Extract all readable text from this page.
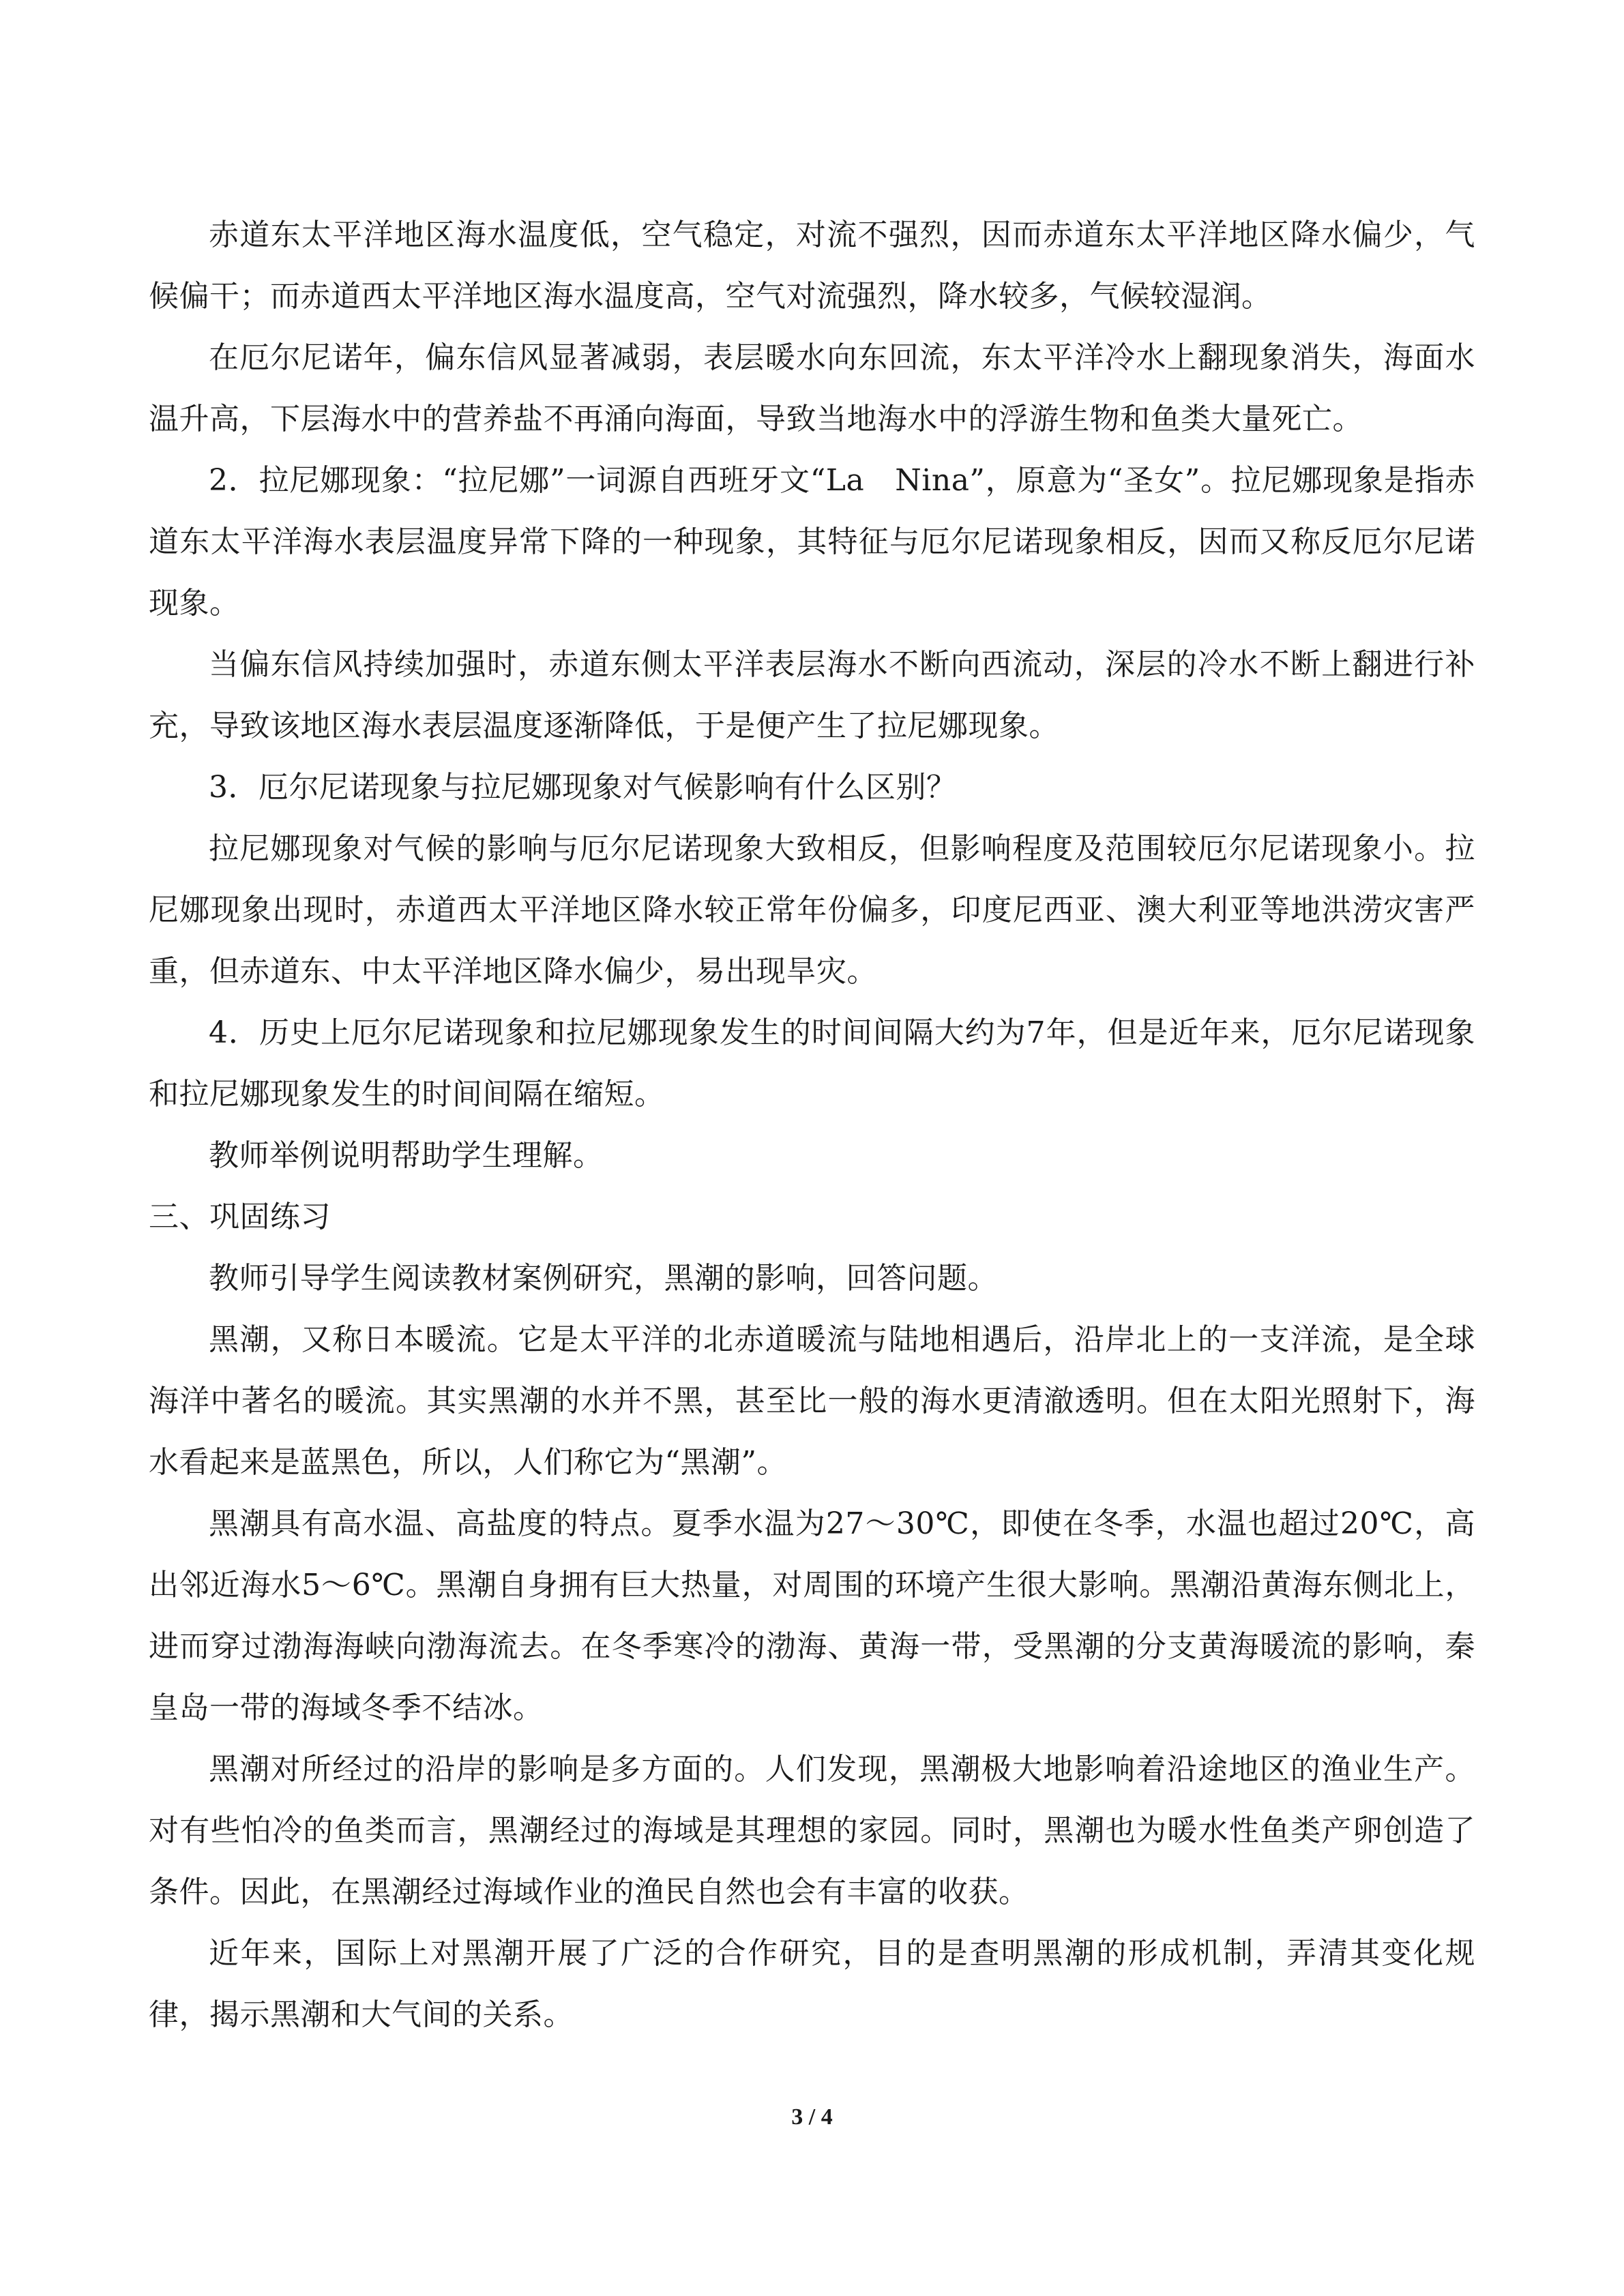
赤道东太平洋地区海水温度低，空气稳定，对流不强烈，因而赤道东太平洋地区降水偏少，气候偏干；而赤道西太平洋地区海水温度高，空气对流强烈，降水较多，气候较湿润。

在厄尔尼诺年，偏东信风显著减弱，表层暖水向东回流，东太平洋冷水上翻现象消失，海面水温升高，下层海水中的营养盐不再涌向海面，导致当地海水中的浮游生物和鱼类大量死亡。

2．拉尼娜现象：“拉尼娜”一词源自西班牙文“La　Nina”，原意为“圣女”。拉尼娜现象是指赤道东太平洋海水表层温度异常下降的一种现象，其特征与厄尔尼诺现象相反，因而又称反厄尔尼诺现象。

当偏东信风持续加强时，赤道东侧太平洋表层海水不断向西流动，深层的冷水不断上翻进行补充，导致该地区海水表层温度逐渐降低，于是便产生了拉尼娜现象。

3．厄尔尼诺现象与拉尼娜现象对气候影响有什么区别？

拉尼娜现象对气候的影响与厄尔尼诺现象大致相反，但影响程度及范围较厄尔尼诺现象小。拉尼娜现象出现时，赤道西太平洋地区降水较正常年份偏多，印度尼西亚、澳大利亚等地洪涝灾害严重，但赤道东、中太平洋地区降水偏少，易出现旱灾。

4．历史上厄尔尼诺现象和拉尼娜现象发生的时间间隔大约为7年，但是近年来，厄尔尼诺现象和拉尼娜现象发生的时间间隔在缩短。

教师举例说明帮助学生理解。

三、巩固练习

教师引导学生阅读教材案例研究，黑潮的影响，回答问题。

黑潮，又称日本暖流。它是太平洋的北赤道暖流与陆地相遇后，沿岸北上的一支洋流，是全球海洋中著名的暖流。其实黑潮的水并不黑，甚至比一般的海水更清澈透明。但在太阳光照射下，海水看起来是蓝黑色，所以，人们称它为“黑潮”。

黑潮具有高水温、高盐度的特点。夏季水温为27～30℃，即使在冬季，水温也超过20℃，高出邻近海水5～6℃。黑潮自身拥有巨大热量，对周围的环境产生很大影响。黑潮沿黄海东侧北上，进而穿过渤海海峡向渤海流去。在冬季寒冷的渤海、黄海一带，受黑潮的分支黄海暖流的影响，秦皇岛一带的海域冬季不结冰。

黑潮对所经过的沿岸的影响是多方面的。人们发现，黑潮极大地影响着沿途地区的渔业生产。对有些怕冷的鱼类而言，黑潮经过的海域是其理想的家园。同时，黑潮也为暖水性鱼类产卵创造了条件。因此，在黑潮经过海域作业的渔民自然也会有丰富的收获。

近年来，国际上对黑潮开展了广泛的合作研究，目的是查明黑潮的形成机制，弄清其变化规律，揭示黑潮和大气间的关系。

3 / 4
